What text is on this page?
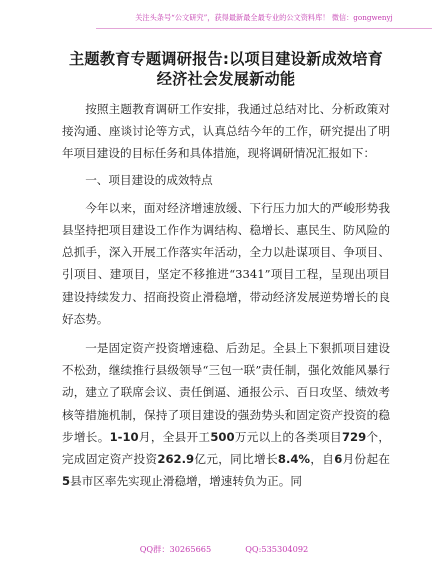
关注头条号“公文研究”，获得最新最全最专业的公文资料库！ 微信：gongwenyj
主题教育专题调研报告:以项目建设新成效培育
经济社会发展新动能

按照主题教育调研工作安排，我通过总结对比、分析政策对接沟通、座谈讨论等方式，认真总结今年的工作，研究提出了明年项目建设的目标任务和具体措施，现将调研情况汇报如下：

一、项目建设的成效特点

今年以来，面对经济增速放缓、下行压力加大的严峻形势我县坚持把项目建设工作作为调结构、稳增长、惠民生、防风险的总抓手，深入开展工作落实年活动，全力以赴谋项目、争项目、引项目、建项目，坚定不移推进“3341”项目工程，呈现出项目建设持续发力、招商投资止滑稳增，带动经济发展逆势增长的良好态势。

一是固定资产投资增速稳、后劲足。全县上下狠抓项目建设不松劲，继续推行县级领导“三包一联”责任制，强化效能风暴行动，建立了联席会议、责任倒逼、通报公示、百日攻坚、绩效考核等措施机制，保持了项目建设的强劲势头和固定资产投资的稳步增长。1-10月，全县开工500万元以上的各类项目729个，完成固定资产投资262.9亿元，同比增长8.4%，自6月份起在5县市区率先实现止滑稳增，增速转负为正。同

QQ群：30265665	QQ:535304092
